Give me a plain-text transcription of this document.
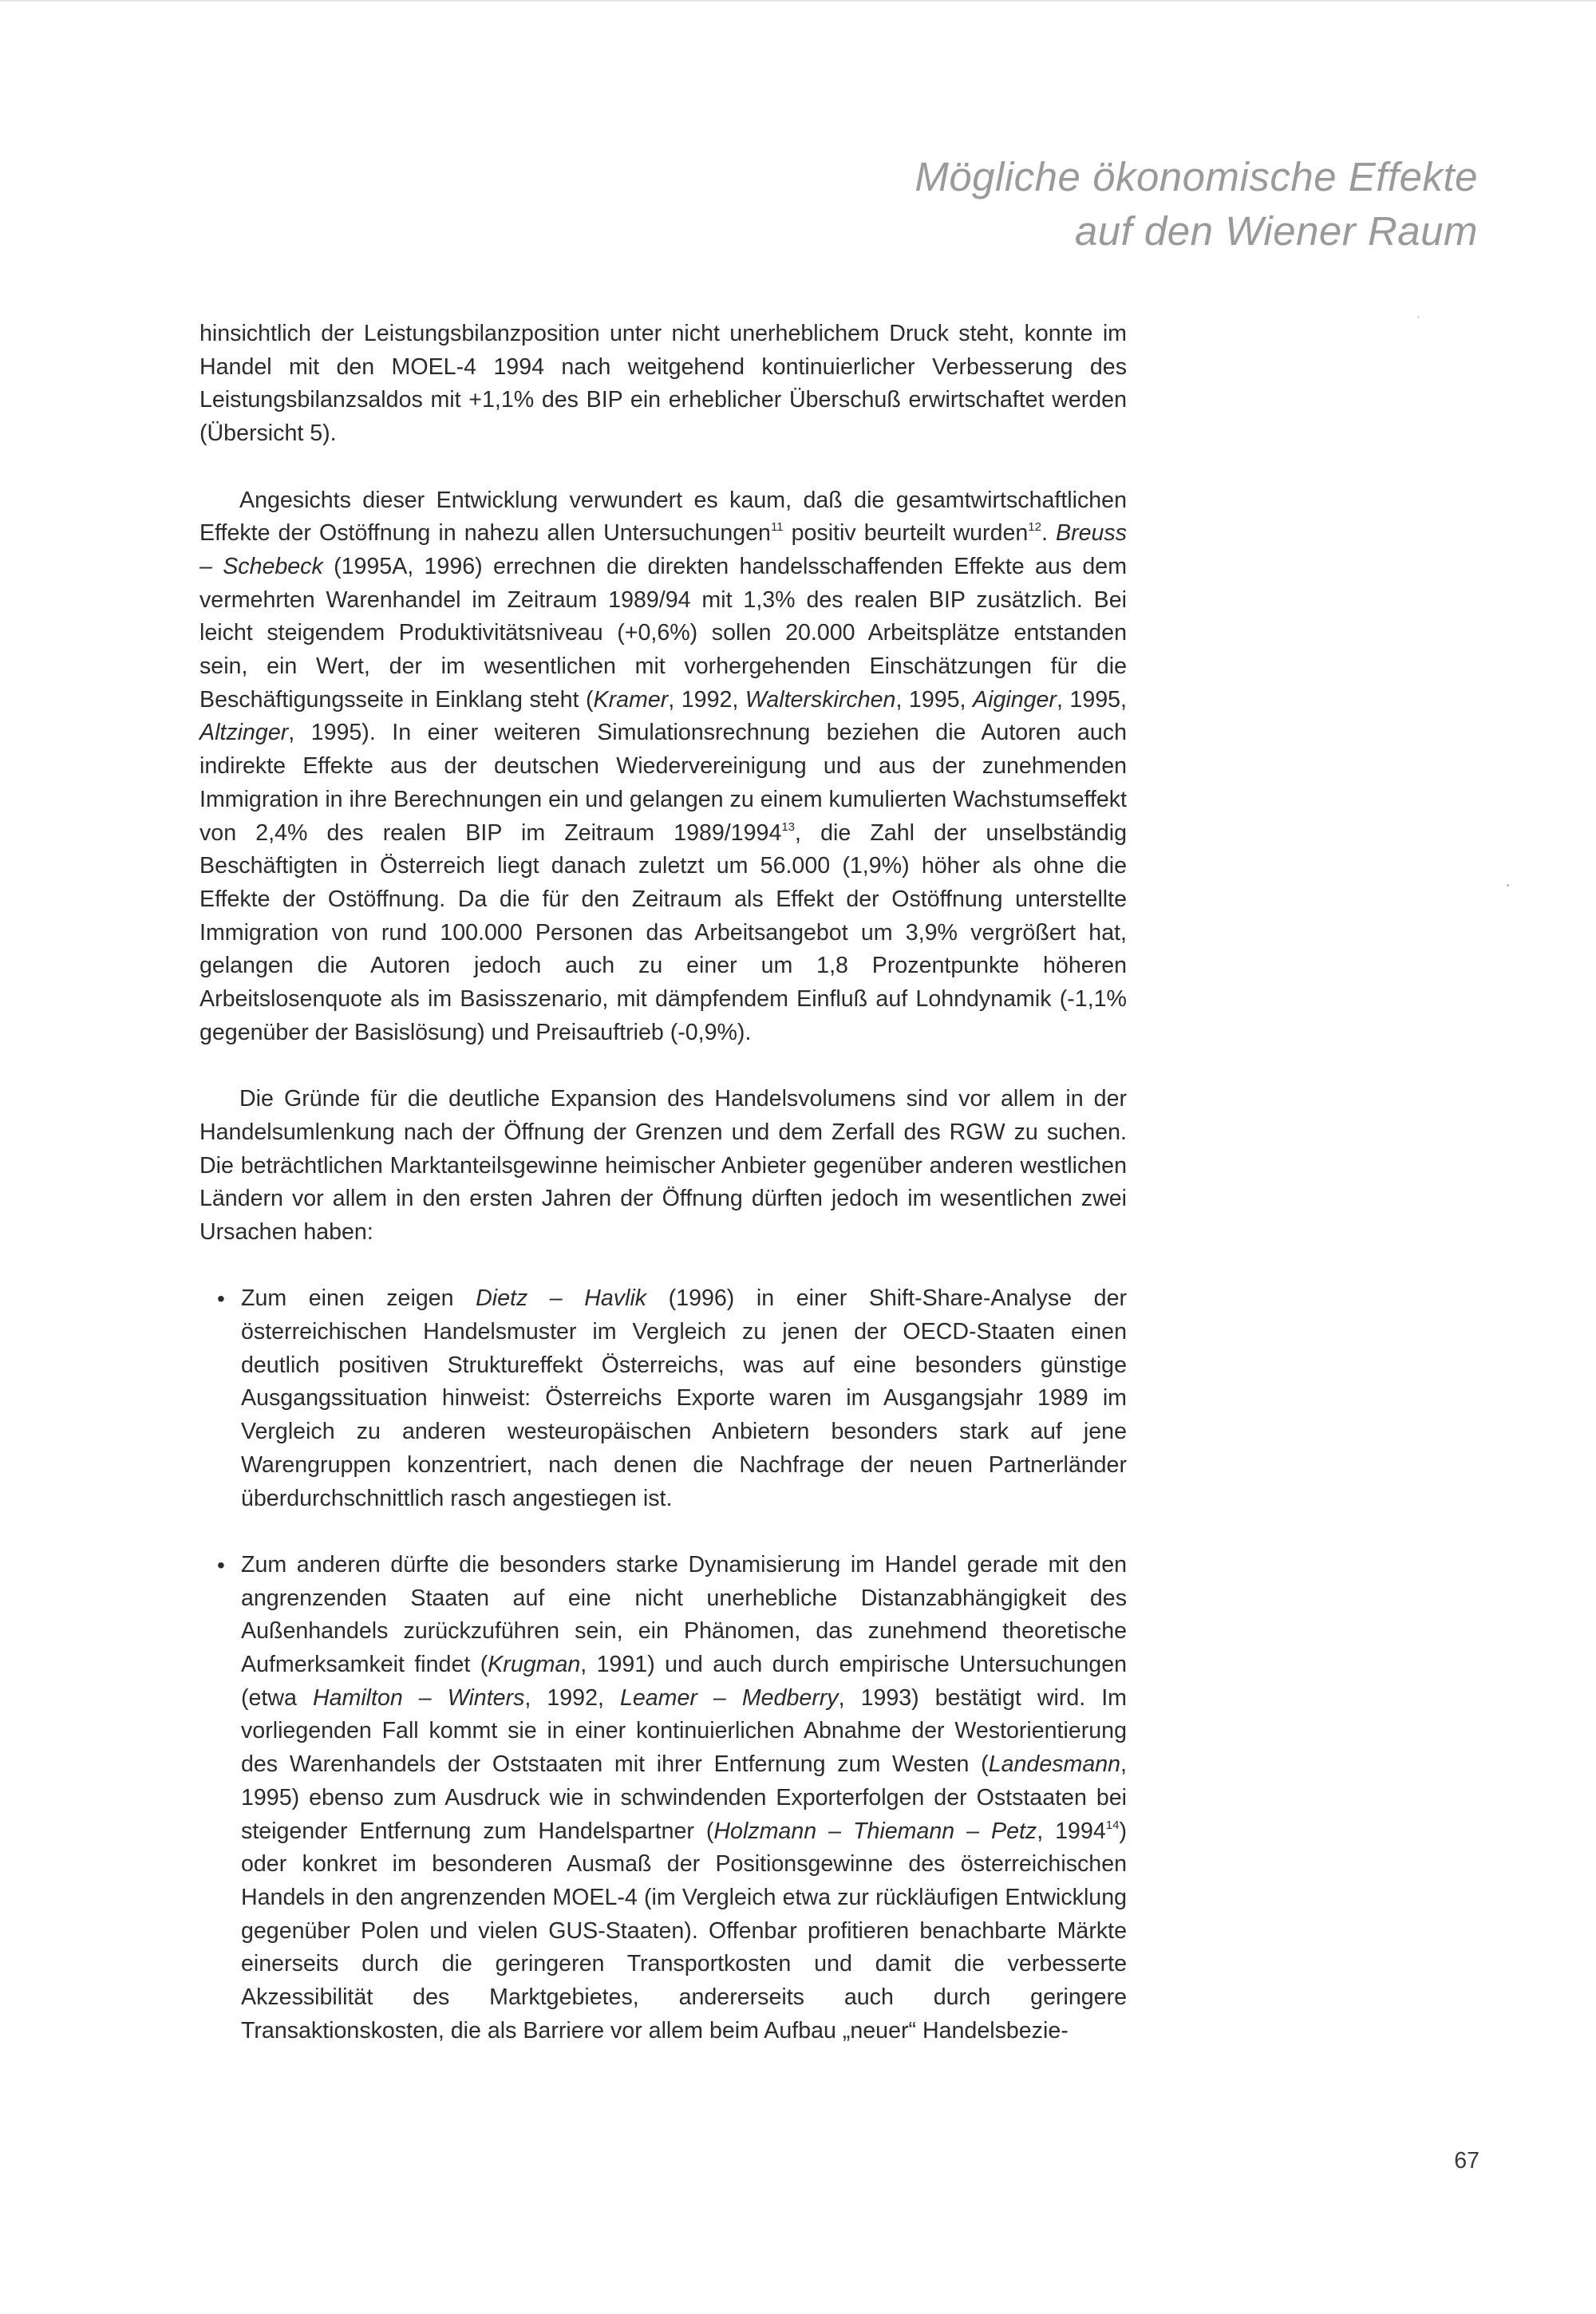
Mögliche ökonomische Effekte
auf den Wiener Raum

hinsichtlich der Leistungsbilanzposition unter nicht unerheblichem Druck steht, konnte im Handel mit den MOEL-4 1994 nach weitgehend kontinuierlicher Verbesserung des Leistungsbilanzsaldos mit +1,1% des BIP ein erheblicher Überschuß erwirtschaftet werden (Übersicht 5).

Angesichts dieser Entwicklung verwundert es kaum, daß die gesamtwirtschaftlichen Effekte der Ostöffnung in nahezu allen Untersuchungen$^{11}$ positiv beurteilt wurden$^{12}$. Breuss – Schebeck (1995A, 1996) errechnen die direkten handelsschaffenden Effekte aus dem vermehrten Warenhandel im Zeitraum 1989/94 mit 1,3% des realen BIP zusätzlich. Bei leicht steigendem Produktivitätsniveau (+0,6%) sollen 20.000 Arbeitsplätze entstanden sein, ein Wert, der im wesentlichen mit vorhergehenden Einschätzungen für die Beschäftigungsseite in Einklang steht (Kramer, 1992, Walterskirchen, 1995, Aiginger, 1995, Altzinger, 1995). In einer weiteren Simulationsrechnung beziehen die Autoren auch indirekte Effekte aus der deutschen Wiedervereinigung und aus der zunehmenden Immigration in ihre Berechnungen ein und gelangen zu einem kumulierten Wachstumseffekt von 2,4% des realen BIP im Zeitraum 1989/1994$^{13}$, die Zahl der unselbständig Beschäftigten in Österreich liegt danach zuletzt um 56.000 (1,9%) höher als ohne die Effekte der Ostöffnung. Da die für den Zeitraum als Effekt der Ostöffnung unterstellte Immigration von rund 100.000 Personen das Arbeitsangebot um 3,9% vergrößert hat, gelangen die Autoren jedoch auch zu einer um 1,8 Prozentpunkte höheren Arbeitslosenquote als im Basisszenario, mit dämpfendem Einfluß auf Lohndynamik (-1,1% gegenüber der Basislösung) und Preisauftrieb (-0,9%).

Die Gründe für die deutliche Expansion des Handelsvolumens sind vor allem in der Handelsumlenkung nach der Öffnung der Grenzen und dem Zerfall des RGW zu suchen. Die beträchtlichen Marktanteilsgewinne heimischer Anbieter gegenüber anderen westlichen Ländern vor allem in den ersten Jahren der Öffnung dürften jedoch im wesentlichen zwei Ursachen haben:

• Zum einen zeigen Dietz – Havlik (1996) in einer Shift-Share-Analyse der österreichischen Handelsmuster im Vergleich zu jenen der OECD-Staaten einen deutlich positiven Struktureffekt Österreichs, was auf eine besonders günstige Ausgangssituation hinweist: Österreichs Exporte waren im Ausgangsjahr 1989 im Vergleich zu anderen westeuropäischen Anbietern besonders stark auf jene Warengruppen konzentriert, nach denen die Nachfrage der neuen Partnerländer überdurchschnittlich rasch angestiegen ist.
• Zum anderen dürfte die besonders starke Dynamisierung im Handel gerade mit den angrenzenden Staaten auf eine nicht unerhebliche Distanzabhängigkeit des Außenhandels zurückzuführen sein, ein Phänomen, das zunehmend theoretische Aufmerksamkeit findet (Krugman, 1991) und auch durch empirische Untersuchungen (etwa Hamilton – Winters, 1992, Leamer – Medberry, 1993) bestätigt wird. Im vorliegenden Fall kommt sie in einer kontinuierlichen Abnahme der Westorientierung des Warenhandels der Oststaaten mit ihrer Entfernung zum Westen (Landesmann, 1995) ebenso zum Ausdruck wie in schwindenden Exporterfolgen der Oststaaten bei steigender Entfernung zum Handelspartner (Holzmann – Thiemann – Petz, 1994$^{14}$) oder konkret im besonderen Ausmaß der Positionsgewinne des österreichischen Handels in den angrenzenden MOEL-4 (im Vergleich etwa zur rückläufigen Entwicklung gegenüber Polen und vielen GUS-Staaten). Offenbar profitieren benachbarte Märkte einerseits durch die geringeren Transportkosten und damit die verbesserte Akzessibilität des Marktgebietes, andererseits auch durch geringere Transaktionskosten, die als Barriere vor allem beim Aufbau „neuer“ Handelsbezie-
67
